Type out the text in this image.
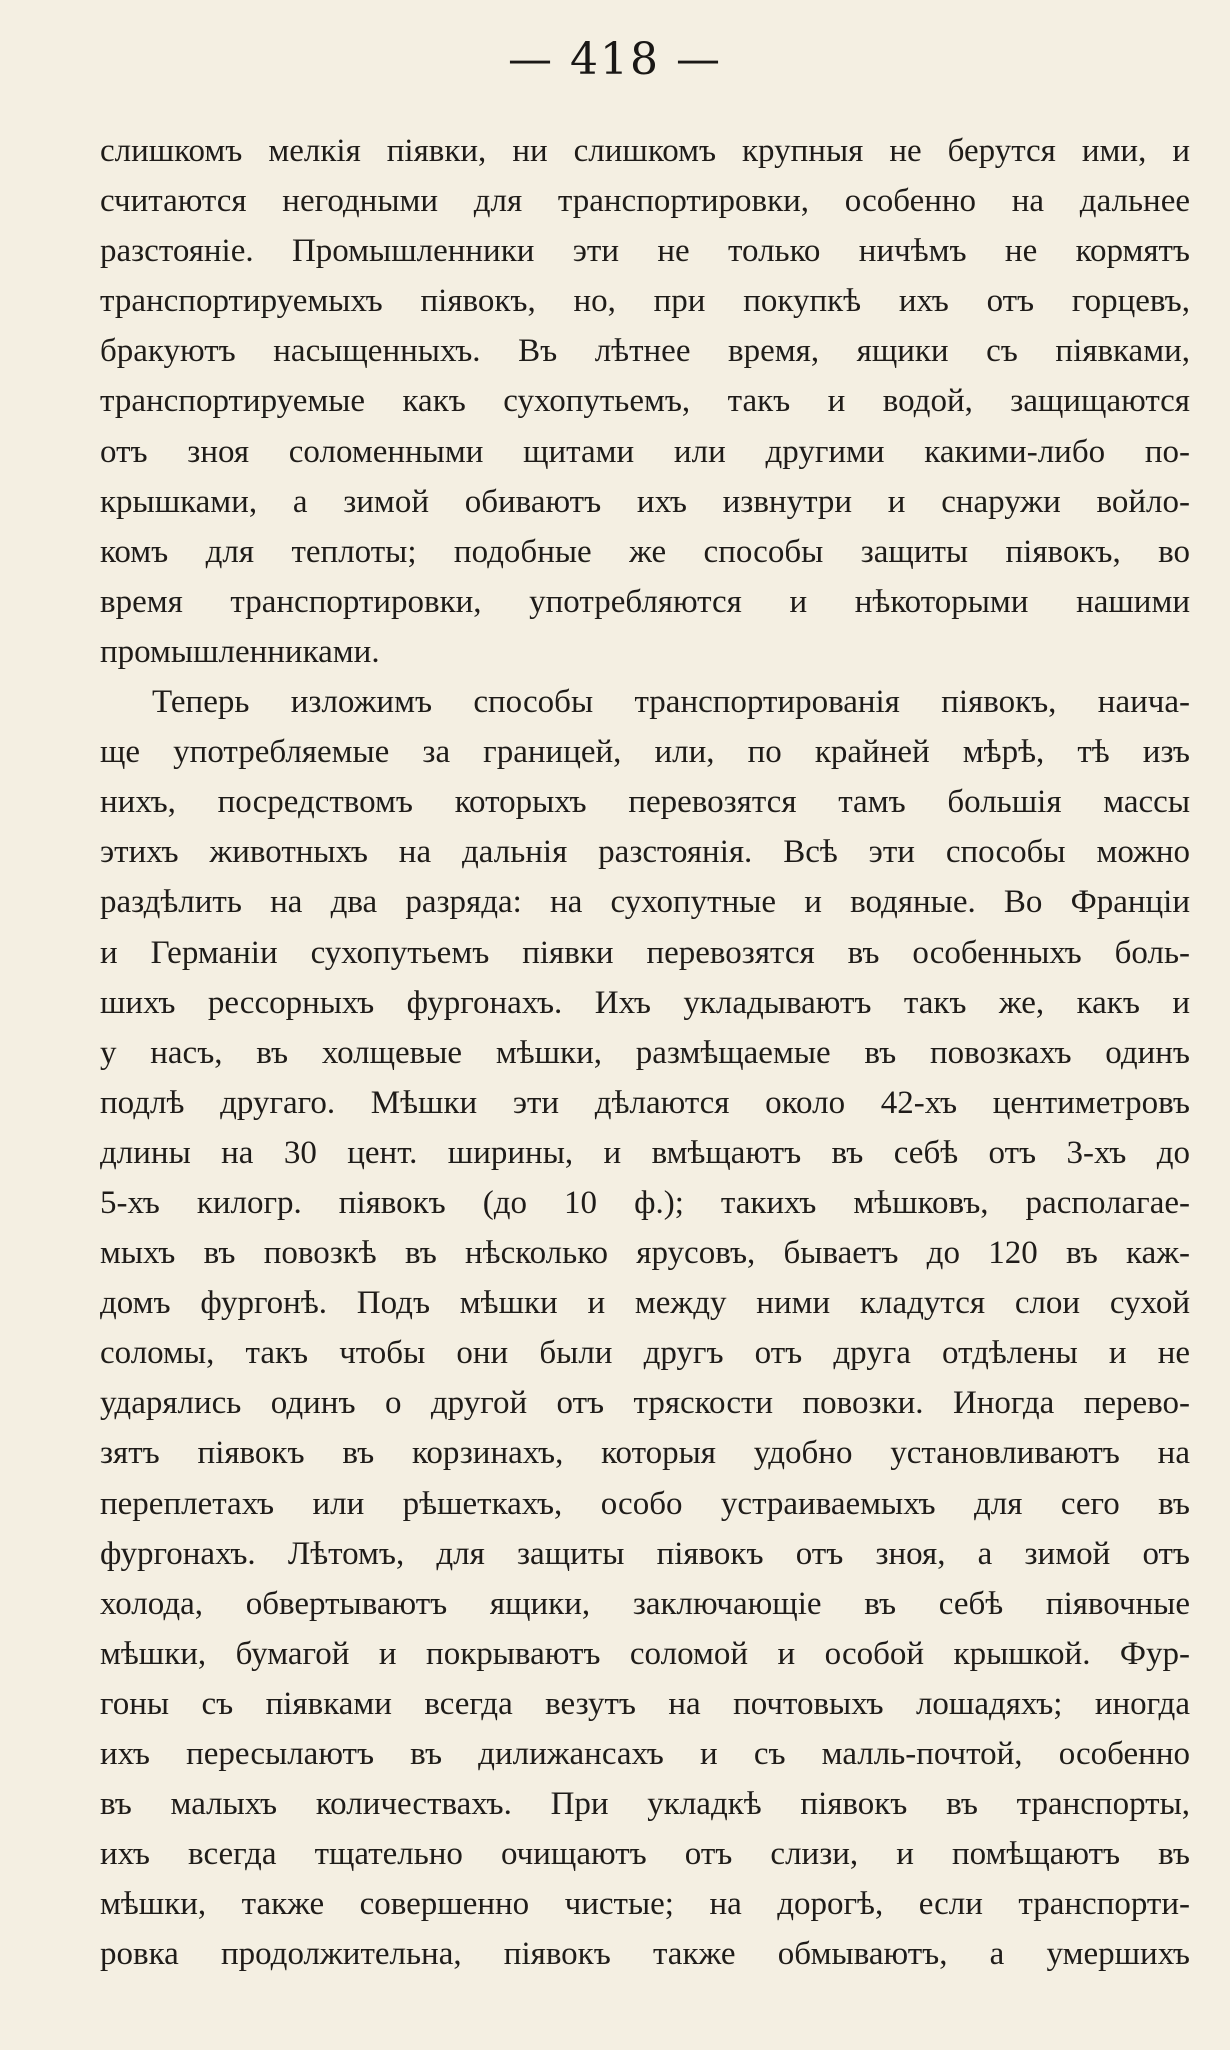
— 418 —
слишкомъ мелкія піявки, ни слишкомъ крупныя не берутся ими, и
считаются негодными для транспортировки, особенно на дальнее
разстояніе. Промышленники эти не только ничѣмъ не кормятъ
транспортируемыхъ піявокъ, но, при покупкѣ ихъ отъ горцевъ,
бракуютъ насыщенныхъ. Въ лѣтнее время, ящики съ піявками,
транспортируемые какъ сухопутьемъ, такъ и водой, защищаются
отъ зноя соломенными щитами или другими какими-либо по-
крышками, а зимой обиваютъ ихъ извнутри и снаружи войло-
комъ для теплоты; подобные же способы защиты піявокъ, во
время транспортировки, употребляются и нѣкоторыми нашими
промышленниками.
Теперь изложимъ способы транспортированія піявокъ, наича-
ще употребляемые за границей, или, по крайней мѣрѣ, тѣ изъ
нихъ, посредствомъ которыхъ перевозятся тамъ большія массы
этихъ животныхъ на дальнія разстоянія. Всѣ эти способы можно
раздѣлить на два разряда: на сухопутные и водяные. Во Франціи
и Германіи сухопутьемъ піявки перевозятся въ особенныхъ боль-
шихъ рессорныхъ фургонахъ. Ихъ укладываютъ такъ же, какъ и
у насъ, въ холщевые мѣшки, размѣщаемые въ повозкахъ одинъ
подлѣ другаго. Мѣшки эти дѣлаются около 42-хъ центиметровъ
длины на 30 цент. ширины, и вмѣщаютъ въ себѣ отъ 3-хъ до
5-хъ килогр. піявокъ (до 10 ф.); такихъ мѣшковъ, располагае-
мыхъ въ повозкѣ въ нѣсколько ярусовъ, бываетъ до 120 въ каж-
домъ фургонѣ. Подъ мѣшки и между ними кладутся слои сухой
соломы, такъ чтобы они были другъ отъ друга отдѣлены и не
ударялись одинъ о другой отъ тряскости повозки. Иногда перево-
зятъ піявокъ въ корзинахъ, которыя удобно установливаютъ на
переплетахъ или рѣшеткахъ, особо устраиваемыхъ для сего въ
фургонахъ. Лѣтомъ, для защиты піявокъ отъ зноя, а зимой отъ
холода, обвертываютъ ящики, заключающіе въ себѣ піявочные
мѣшки, бумагой и покрываютъ соломой и особой крышкой. Фур-
гоны съ піявками всегда везутъ на почтовыхъ лошадяхъ; иногда
ихъ пересылаютъ въ дилижансахъ и съ малль-почтой, особенно
въ малыхъ количествахъ. При укладкѣ піявокъ въ транспорты,
ихъ всегда тщательно очищаютъ отъ слизи, и помѣщаютъ въ
мѣшки, также совершенно чистые; на дорогѣ, если транспорти-
ровка продолжительна, піявокъ также обмываютъ, а умершихъ
